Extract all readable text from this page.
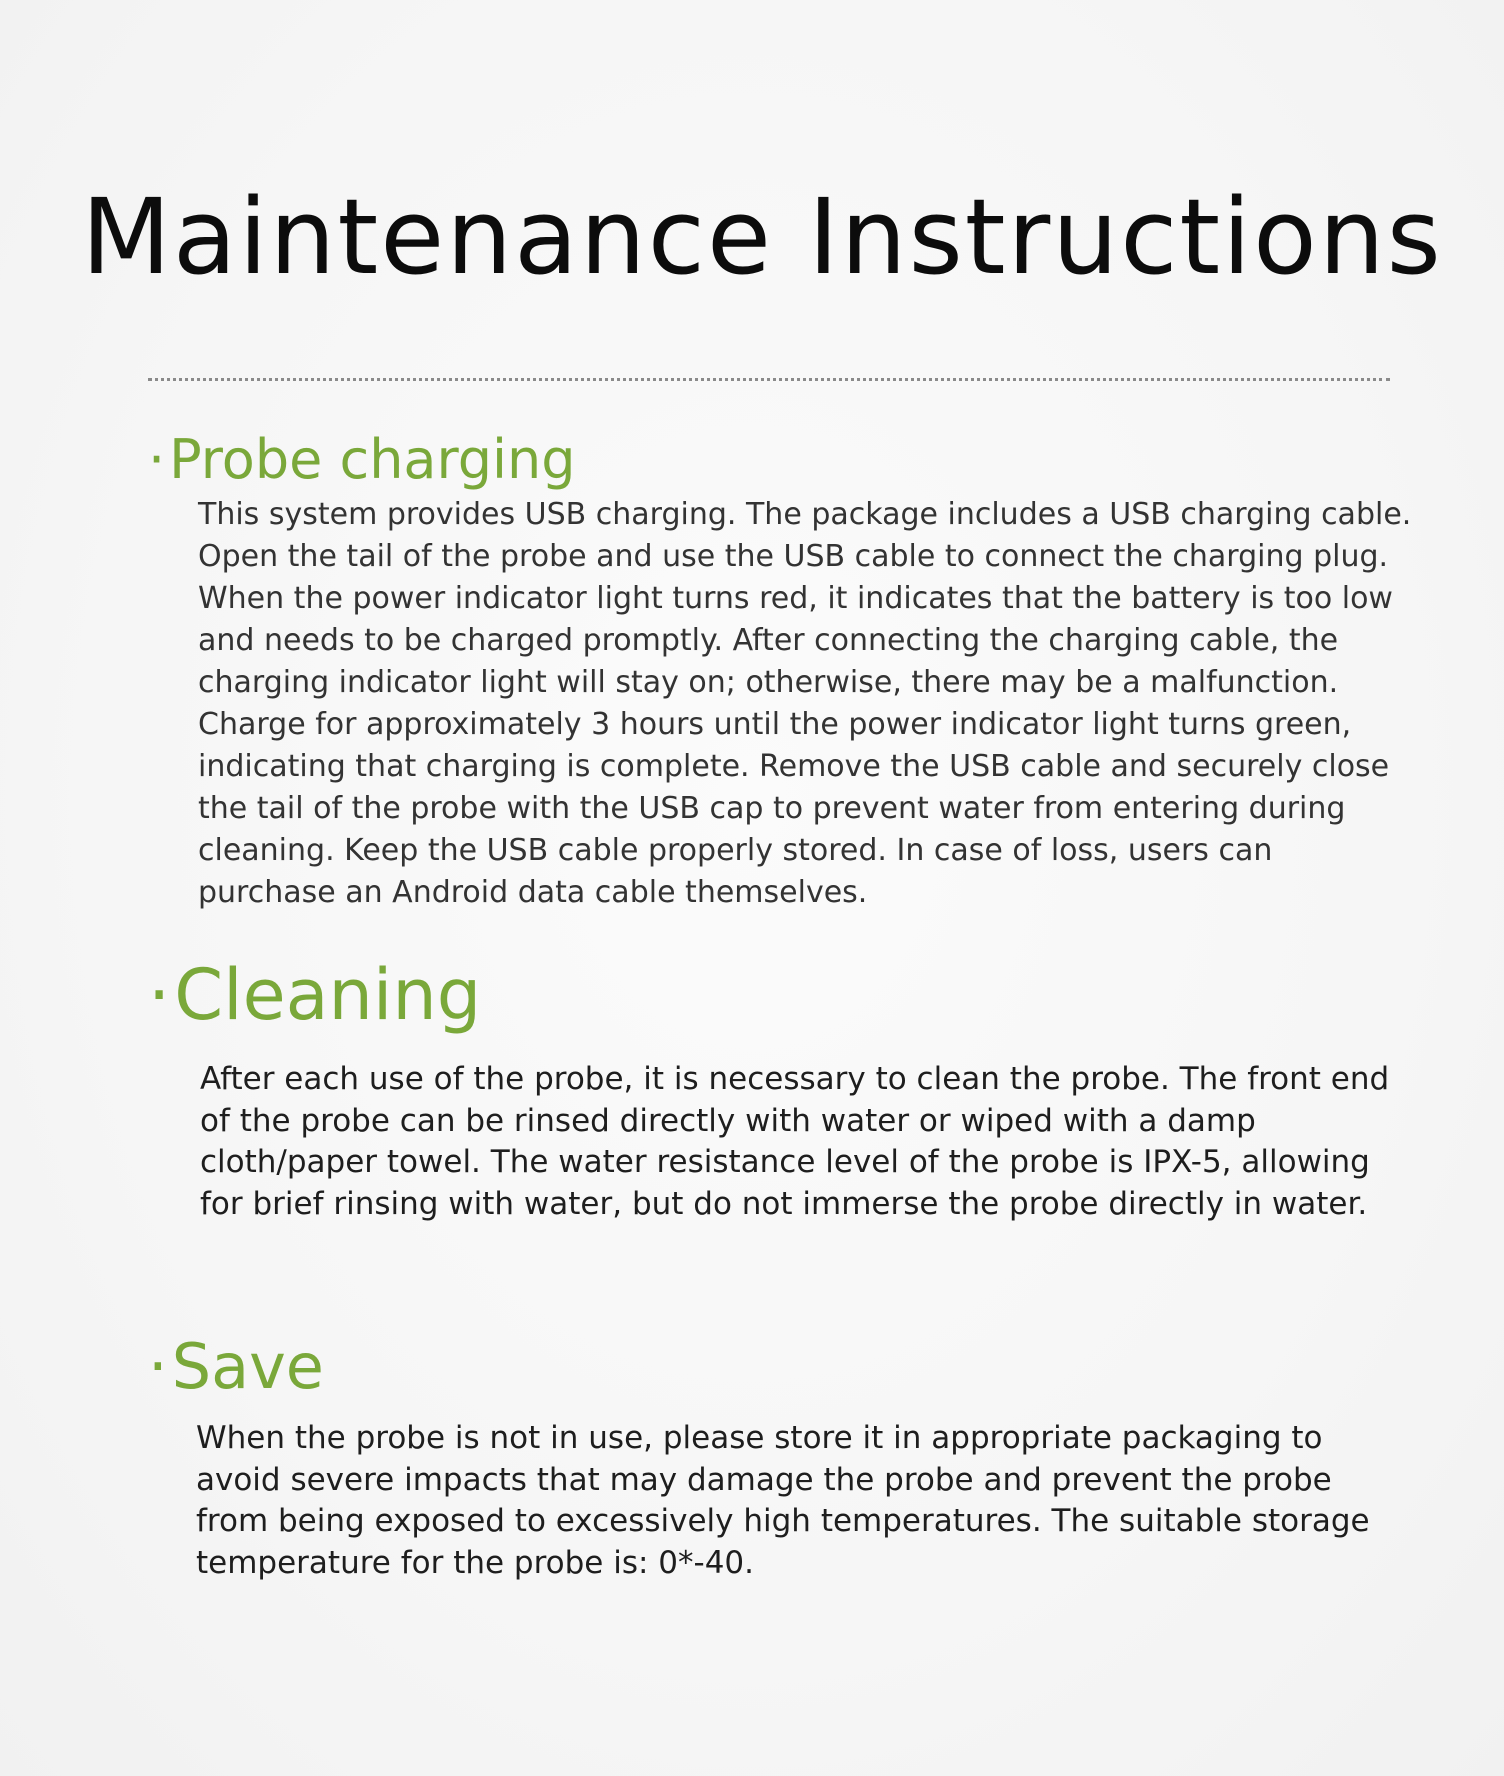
Maintenance Instructions
·Probe charging

This system provides USB charging. The package includes a USB charging cable. Open the tail of the probe and use the USB cable to connect the charging plug. When the power indicator light turns red, it indicates that the battery is too low and needs to be charged promptly. After connecting the charging cable, the charging indicator light will stay on; otherwise, there may be a malfunction. Charge for approximately 3 hours until the power indicator light turns green, indicating that charging is complete. Remove the USB cable and securely close the tail of the probe with the USB cap to prevent water from entering during cleaning. Keep the USB cable properly stored. In case of loss, users can purchase an Android data cable themselves.

·Cleaning

After each use of the probe, it is necessary to clean the probe. The front end of the probe can be rinsed directly with water or wiped with a damp cloth/paper towel. The water resistance level of the probe is IPX-5, allowing for brief rinsing with water, but do not immerse the probe directly in water.

·Save

When the probe is not in use, please store it in appropriate packaging to avoid severe impacts that may damage the probe and prevent the probe from being exposed to excessively high temperatures. The suitable storage temperature for the probe is: 0*-40.
